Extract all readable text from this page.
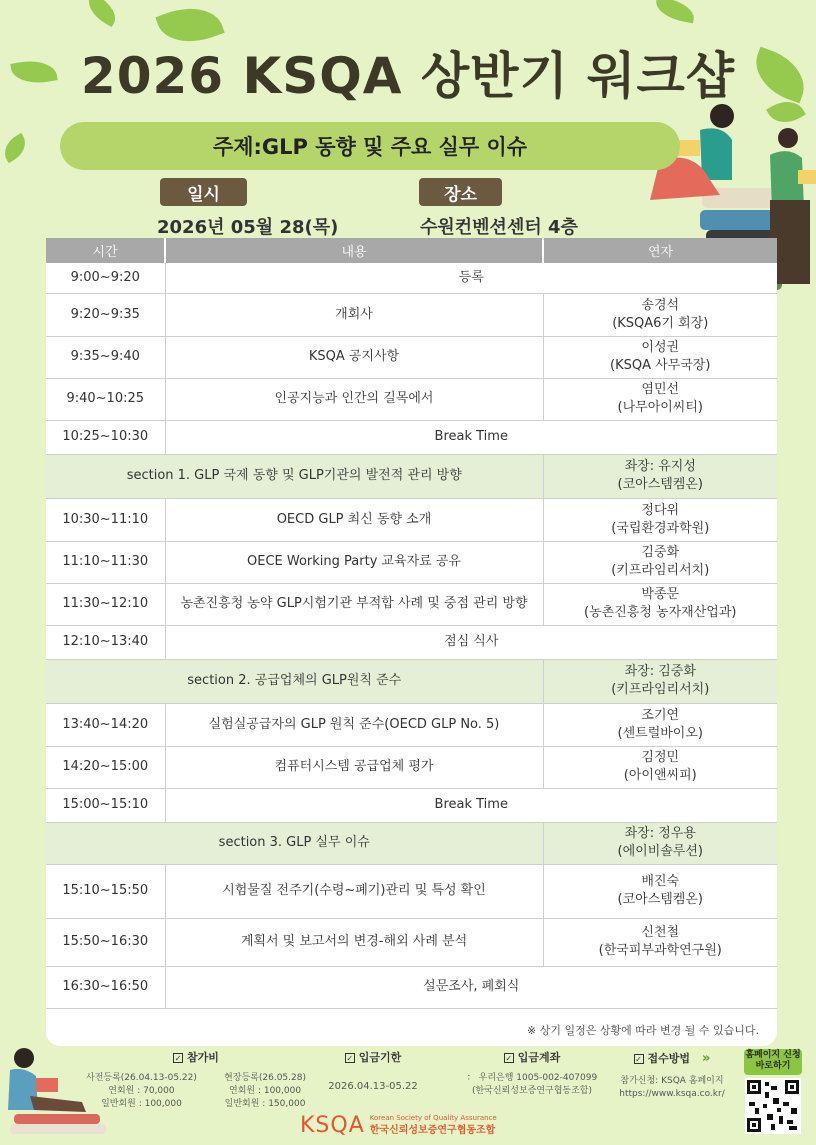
2026 KSQA 상반기 워크샵
주제:GLP 동향 및 주요 실무 이슈
일시
2026년 05월 28(목)
장소
수원컨벤션센터 4층
시간	내용	연자
9:00~9:20	등록	
9:20~9:35	개회사	송경석
(KSQA6기 회장)

9:35~9:40	KSQA 공지사항	이성권
(KSQA 사무국장)

9:40~10:25	인공지능과 인간의 길목에서	염민선
(나무아이씨티)

10:25~10:30	Break Time	
section 1. GLP 국제 동향 및 GLP기관의 발전적 관리 방향		좌장: 유지성
(코아스템켐온)

10:30~11:10	OECD GLP 최신 동향 소개	정다위
(국립환경과학원)

11:10~11:30	OECE Working Party 교육자료 공유	김중화
(키프라임리서치)

11:30~12:10	농촌진흥청 농약 GLP시험기관 부적합 사례 및 중점 관리 방향	박종문
(농촌진흥청 농자재산업과)

12:10~13:40	점심 식사	
section 2. 공급업체의 GLP원칙 준수		좌장: 김중화
(키프라임리서치)

13:40~14:20	실험실공급자의 GLP 원칙 준수(OECD GLP No. 5)	조기연
(센트럴바이오)

14:20~15:00	컴퓨터시스템 공급업체 평가	김정민
(아이앤씨피)

15:00~15:10	Break Time	
section 3. GLP 실무 이슈		좌장: 정우용
(에이비솔루션)

15:10~15:50	시험물질 전주기(수령~폐기)관리 및 특성 확인	배진숙
(코아스템켐온)

15:50~16:30	계획서 및 보고서의 변경-해외 사례 분석	신천철
(한국피부과학연구원)

16:30~16:50	설문조사, 폐회식	
※ 상기 일정은 상황에 따라 변경 될 수 있습니다.
✓ 참가비
사전등록(26.04.13-05.22)
연회원 : 70,000
일반회원 : 100,000
현장등록(26.05.28)
연회원 : 100,000
일반회원 : 150,000
✓ 입금기한
2026.04.13-05.22
✓ 입금계좌
： 우리은행 1005-002-407099
(한국신뢰성보증연구협동조합)
✓ 접수방법 »
참가신청: KSQA 홈페이지
https://www.ksqa.co.kr/
홈페이지 신청 바로하기
KSQA Korean Society of Quality Assurance
한국신뢰성보증연구협동조합
